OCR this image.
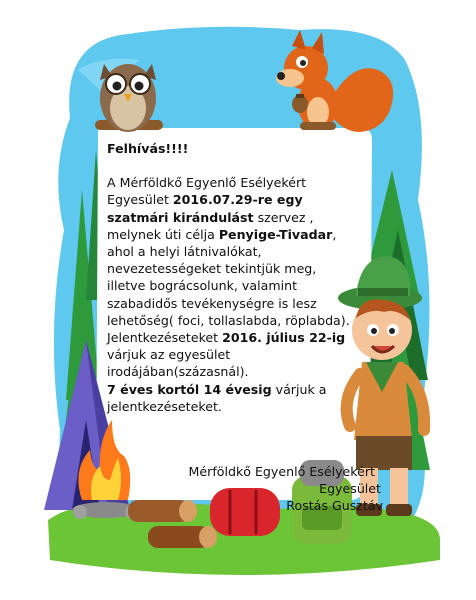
Felhívás!!!!

A Mérföldkő Egyenlő Esélyekért Egyesület 2016.07.29-re egy szatmári kirándulást szervez , melynek úti célja Penyige-Tivadar, ahol a helyi látnivalókat, nevezetességeket tekintjük meg, illetve bográcsolunk, valamint szabadidős tevékenységre is lesz lehetőség( foci, tollaslabda, röplabda).

Jelentkezéseteket 2016. július 22-ig várjuk az egyesület irodájában(százasnál).

7 éves kortól 14 évesig várjuk a jelentkezéseteket.

Mérföldkő Egyenlő Esélyekért
Egyesület
Rostás Gusztáv
